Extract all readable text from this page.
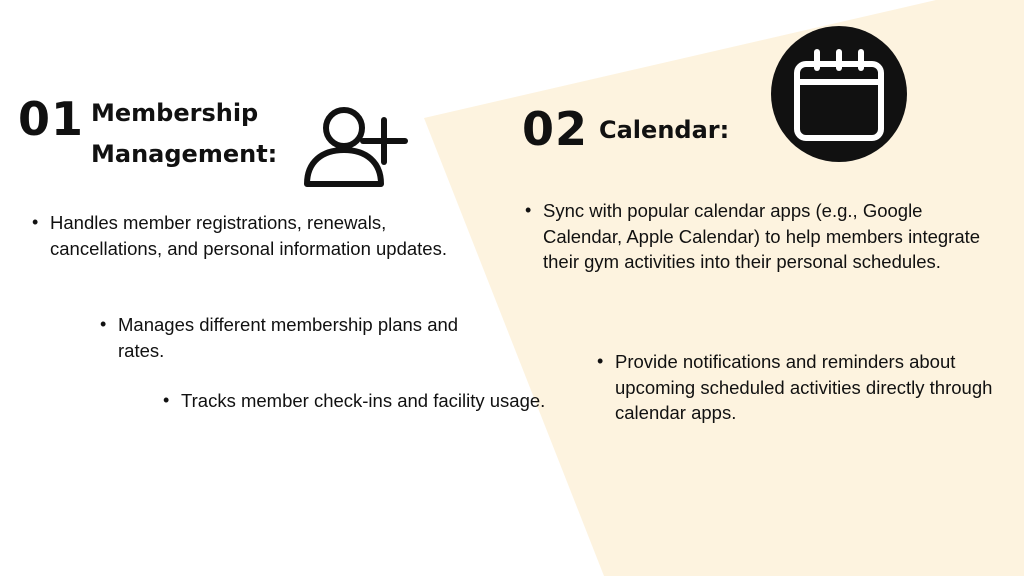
01 Membership
Management:
• Handles member registrations, renewals, cancellations, and personal information updates.
• Manages different membership plans and rates.
• Tracks member check-ins and facility usage.
02 Calendar:
• Sync with popular calendar apps (e.g., Google Calendar, Apple Calendar) to help members integrate their gym activities into their personal schedules.
• Provide notifications and reminders about upcoming scheduled activities directly through calendar apps.
